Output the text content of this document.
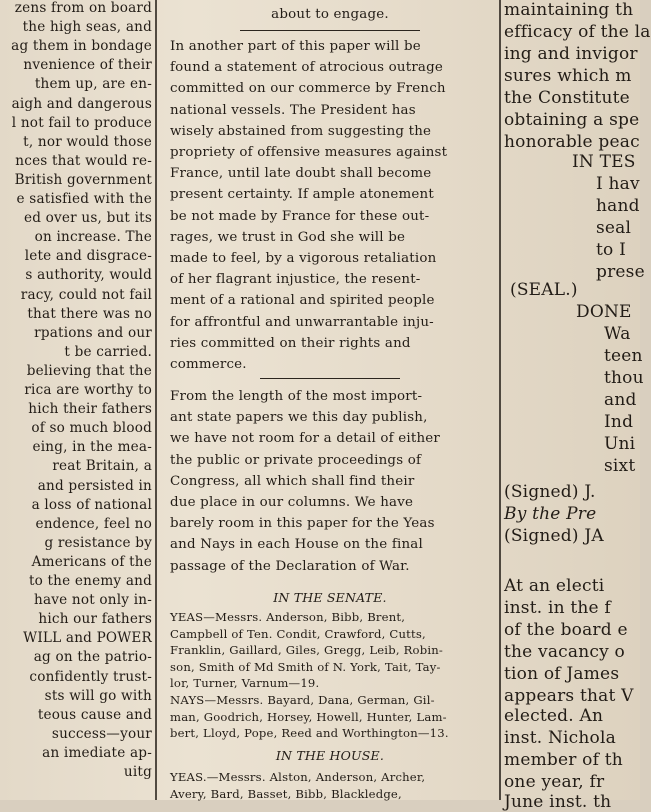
zens from on board
the high seas, and
ag them in bondage
nvenience of their
them up, are en-
aigh and dangerous
l not fail to produce
t, nor would those
nces that would re-
British government
e satisfied with the
ed over us, but its
on increase. The
lete and disgrace-
s authority, would
racy, could not fail
that there was no
rpations and our
t be carried.
believing that the
rica are worthy to
hich their fathers
of so much blood
eing, in the mea-
reat Britain, a
and persisted in
a loss of national
endence, feel no
g resistance by
Americans of the
to the enemy and
have not only in-
hich our fathers
WILL and POWER
ag on the patrio-
confidently trust-
sts will go with
teous cause and
success—your
an imediate ap-
uitg
about to engage.
IN THE SENATE.
IN THE HOUSE.
In another part of this paper will be
found a statement of atrocious outrage
committed on our commerce by French
national vessels. The President has
wisely abstained from suggesting the
propriety of offensive measures against
France, until late doubt shall become
present certainty. If ample atonement
be not made by France for these out-
rages, we trust in God she will be
made to feel, by a vigorous retaliation
of her flagrant injustice, the resent-
ment of a rational and spirited people
for affrontful and unwarrantable inju-
ries committed on their rights and
commerce.
From the length of the most import-
ant state papers we this day publish,
we have not room for a detail of either
the public or private proceedings of
Congress, all which shall find their
due place in our columns. We have
barely room in this paper for the Yeas
and Nays in each House on the final
passage of the Declaration of War.
YEAS—Messrs. Anderson, Bibb, Brent,
Campbell of Ten. Condit, Crawford, Cutts,
Franklin, Gaillard, Giles, Gregg, Leib, Robin-
son, Smith of Md Smith of N. York, Tait, Tay-
lor, Turner, Varnum—19.
NAYS—Messrs. Bayard, Dana, German, Gil-
man, Goodrich, Horsey, Howell, Hunter, Lam-
bert, Lloyd, Pope, Reed and Worthington—13.
YEAS.—Messrs. Alston, Anderson, Archer,
Avery, Bard, Basset, Bibb, Blackledge,
maintaining th
efficacy of the la
ing and invigor
sures which m
the Constitute
obtaining a spe
honorable peac
IN TES
I hav
hand
seal
to I
prese
(SEAL.)
DONE
Wa
teen
thou
and
Ind
Uni
sixt
(Signed) J.
By the Pre
(Signed) JA
At an electi
inst. in the f
of the board e
the vacancy o
tion of James
appears that V
elected. An
inst. Nichola
member of th
one year, fr
June inst. th
